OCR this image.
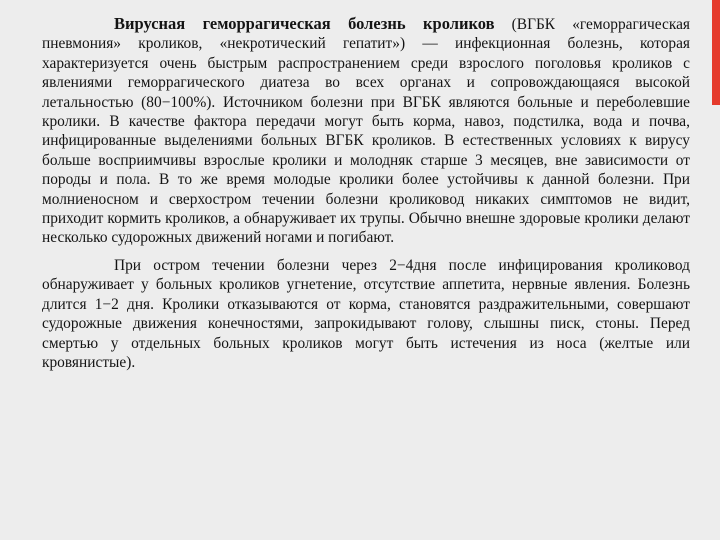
Вирусная геморрагическая болезнь кроликов (ВГБК «геморрагическая пневмония» кроликов, «некротический гепатит») — инфекционная болезнь, которая характеризуется очень быстрым распространением среди взрослого поголовья кроликов с явлениями геморрагического диатеза во всех органах и сопровождающаяся высокой летальностью (80−100%). Источником болезни при ВГБК являются больные и переболевшие кролики. В качестве фактора передачи могут быть корма, навоз, подстилка, вода и почва, инфицированные выделениями больных ВГБК кроликов. В естественных условиях к вирусу больше восприимчивы взрослые кролики и молодняк старше 3 месяцев, вне зависимости от породы и пола. В то же время молодые кролики более устойчивы к данной болезни. При молниеносном и сверхостром течении болезни кроликовод никаких симптомов не видит, приходит кормить кроликов, а обнаруживает их трупы. Обычно внешне здоровые кролики делают несколько судорожных движений ногами и погибают.

При остром течении болезни через 2−4дня после инфицирования кроликовод обнаруживает у больных кроликов угнетение, отсутствие аппетита, нервные явления. Болезнь длится 1−2 дня. Кролики отказываются от корма, становятся раздражительными, совершают судорожные движения конечностями, запрокидывают голову, слышны писк, стоны. Перед смертью у отдельных больных кроликов могут быть истечения из носа (желтые или кровянистые).
